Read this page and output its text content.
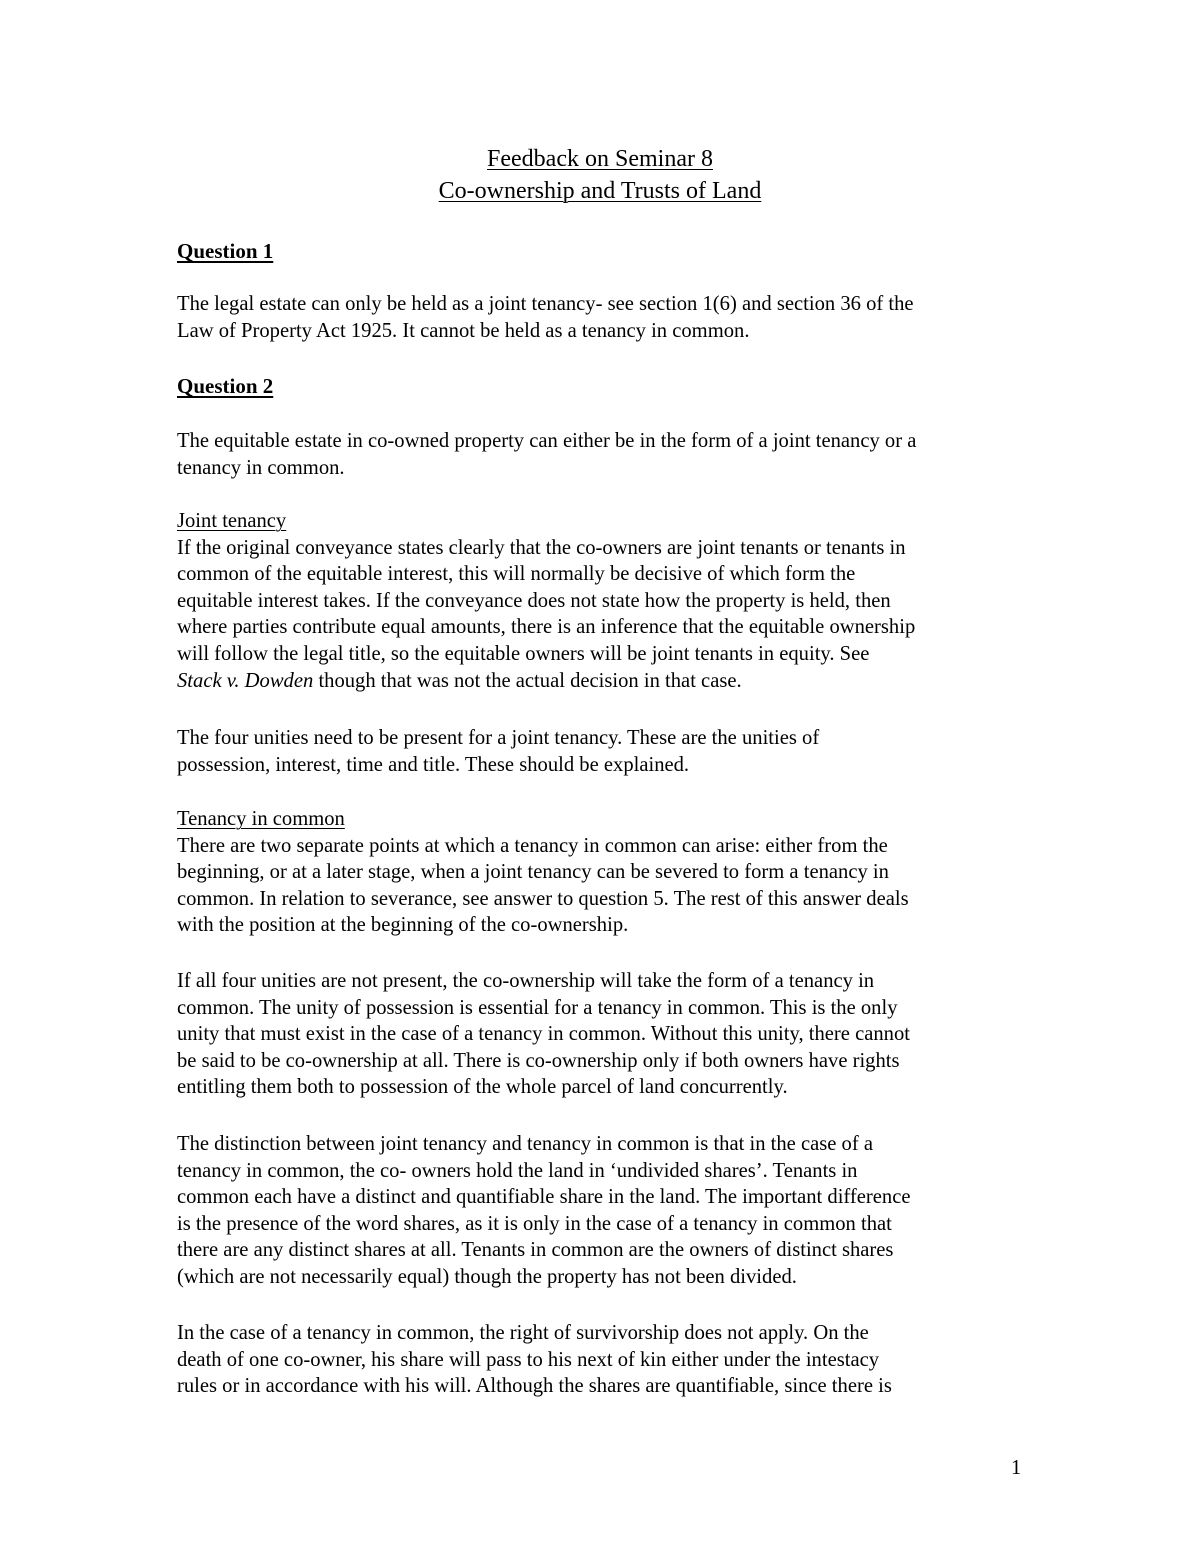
Feedback on Seminar 8
Co-ownership and Trusts of Land
Question 1
The legal estate can only be held as a joint tenancy- see section 1(6) and section 36 of the
Law of Property Act 1925. It cannot be held as a tenancy in common.
Question 2
The equitable estate in co-owned property can either be in the form of a joint tenancy or a
tenancy in common.
Joint tenancy
If the original conveyance states clearly that the co-owners are joint tenants or tenants in
common of the equitable interest, this will normally be decisive of which form the
equitable interest takes. If the conveyance does not state how the property is held, then
where parties contribute equal amounts, there is an inference that the equitable ownership
will follow the legal title, so the equitable owners will be joint tenants in equity. See
Stack v. Dowden though that was not the actual decision in that case.
The four unities need to be present for a joint tenancy. These are the unities of
possession, interest, time and title. These should be explained.
Tenancy in common
There are two separate points at which a tenancy in common can arise: either from the
beginning, or at a later stage, when a joint tenancy can be severed to form a tenancy in
common. In relation to severance, see answer to question 5. The rest of this answer deals
with the position at the beginning of the co-ownership.
If all four unities are not present, the co-ownership will take the form of a tenancy in
common. The unity of possession is essential for a tenancy in common. This is the only
unity that must exist in the case of a tenancy in common. Without this unity, there cannot
be said to be co-ownership at all. There is co-ownership only if both owners have rights
entitling them both to possession of the whole parcel of land concurrently.
The distinction between joint tenancy and tenancy in common is that in the case of a
tenancy in common, the co- owners hold the land in ‘undivided shares’. Tenants in
common each have a distinct and quantifiable share in the land. The important difference
is the presence of the word shares, as it is only in the case of a tenancy in common that
there are any distinct shares at all. Tenants in common are the owners of distinct shares
(which are not necessarily equal) though the property has not been divided.
In the case of a tenancy in common, the right of survivorship does not apply. On the
death of one co-owner, his share will pass to his next of kin either under the intestacy
rules or in accordance with his will. Although the shares are quantifiable, since there is
1
